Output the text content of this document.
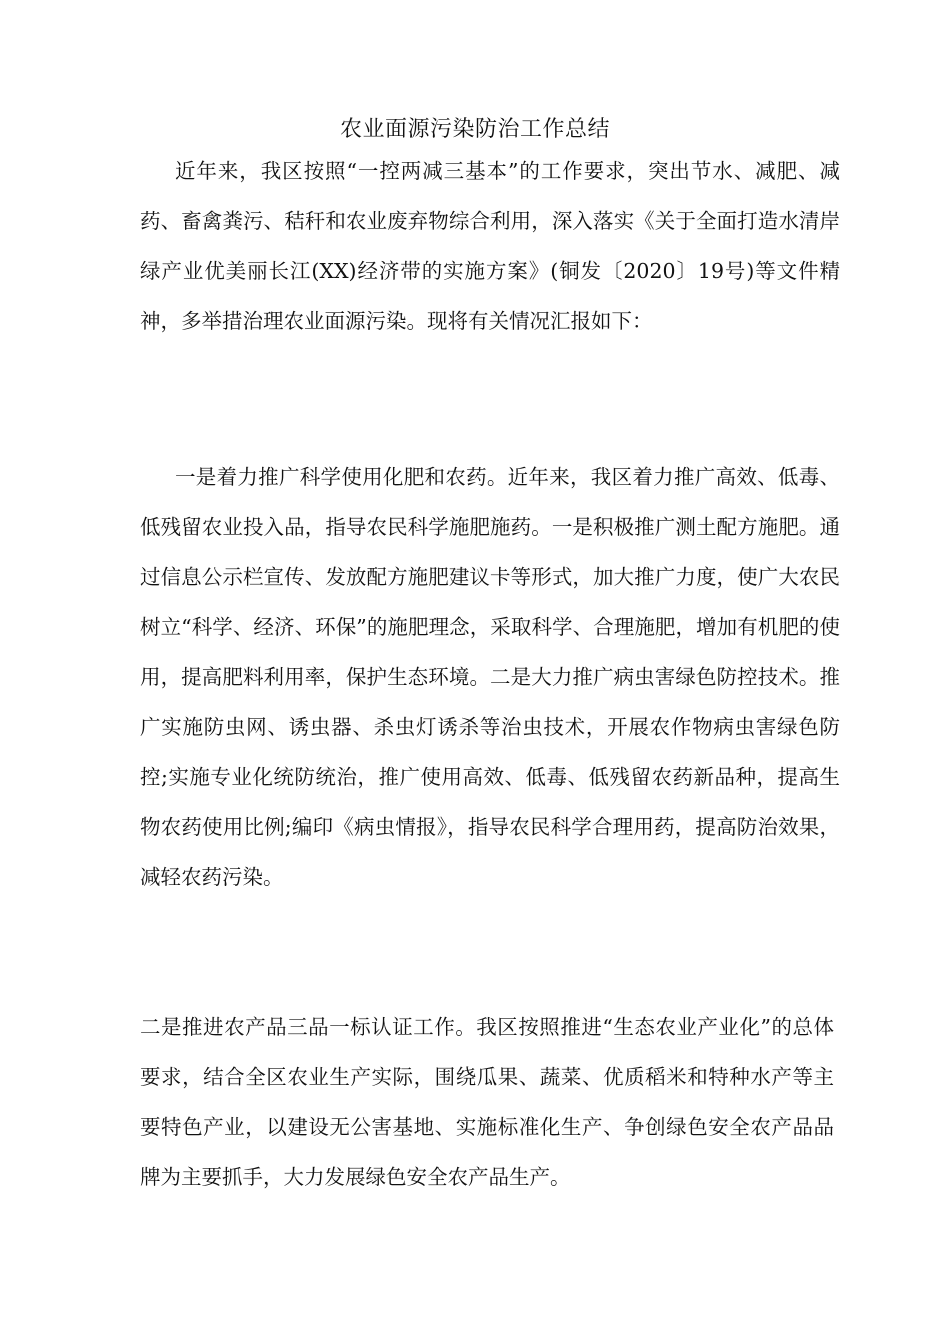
农业面源污染防治工作总结

近年来，我区按照“一控两减三基本”的工作要求，突出节水、减肥、减药、畜禽粪污、秸秆和农业废弃物综合利用，深入落实《关于全面打造水清岸绿产业优美丽长江(XX)经济带的实施方案》(铜发〔2020〕19号)等文件精神，多举措治理农业面源污染。现将有关情况汇报如下：

一是着力推广科学使用化肥和农药。近年来，我区着力推广高效、低毒、低残留农业投入品，指导农民科学施肥施药。一是积极推广测土配方施肥。通过信息公示栏宣传、发放配方施肥建议卡等形式，加大推广力度，使广大农民树立“科学、经济、环保”的施肥理念，采取科学、合理施肥，增加有机肥的使用，提高肥料利用率，保护生态环境。二是大力推广病虫害绿色防控技术。推广实施防虫网、诱虫器、杀虫灯诱杀等治虫技术，开展农作物病虫害绿色防控;实施专业化统防统治，推广使用高效、低毒、低残留农药新品种，提高生物农药使用比例;编印《病虫情报》，指导农民科学合理用药，提高防治效果，减轻农药污染。

二是推进农产品三品一标认证工作。我区按照推进“生态农业产业化”的总体要求，结合全区农业生产实际，围绕瓜果、蔬菜、优质稻米和特种水产等主要特色产业，以建设无公害基地、实施标准化生产、争创绿色安全农产品品牌为主要抓手，大力发展绿色安全农产品生产。
